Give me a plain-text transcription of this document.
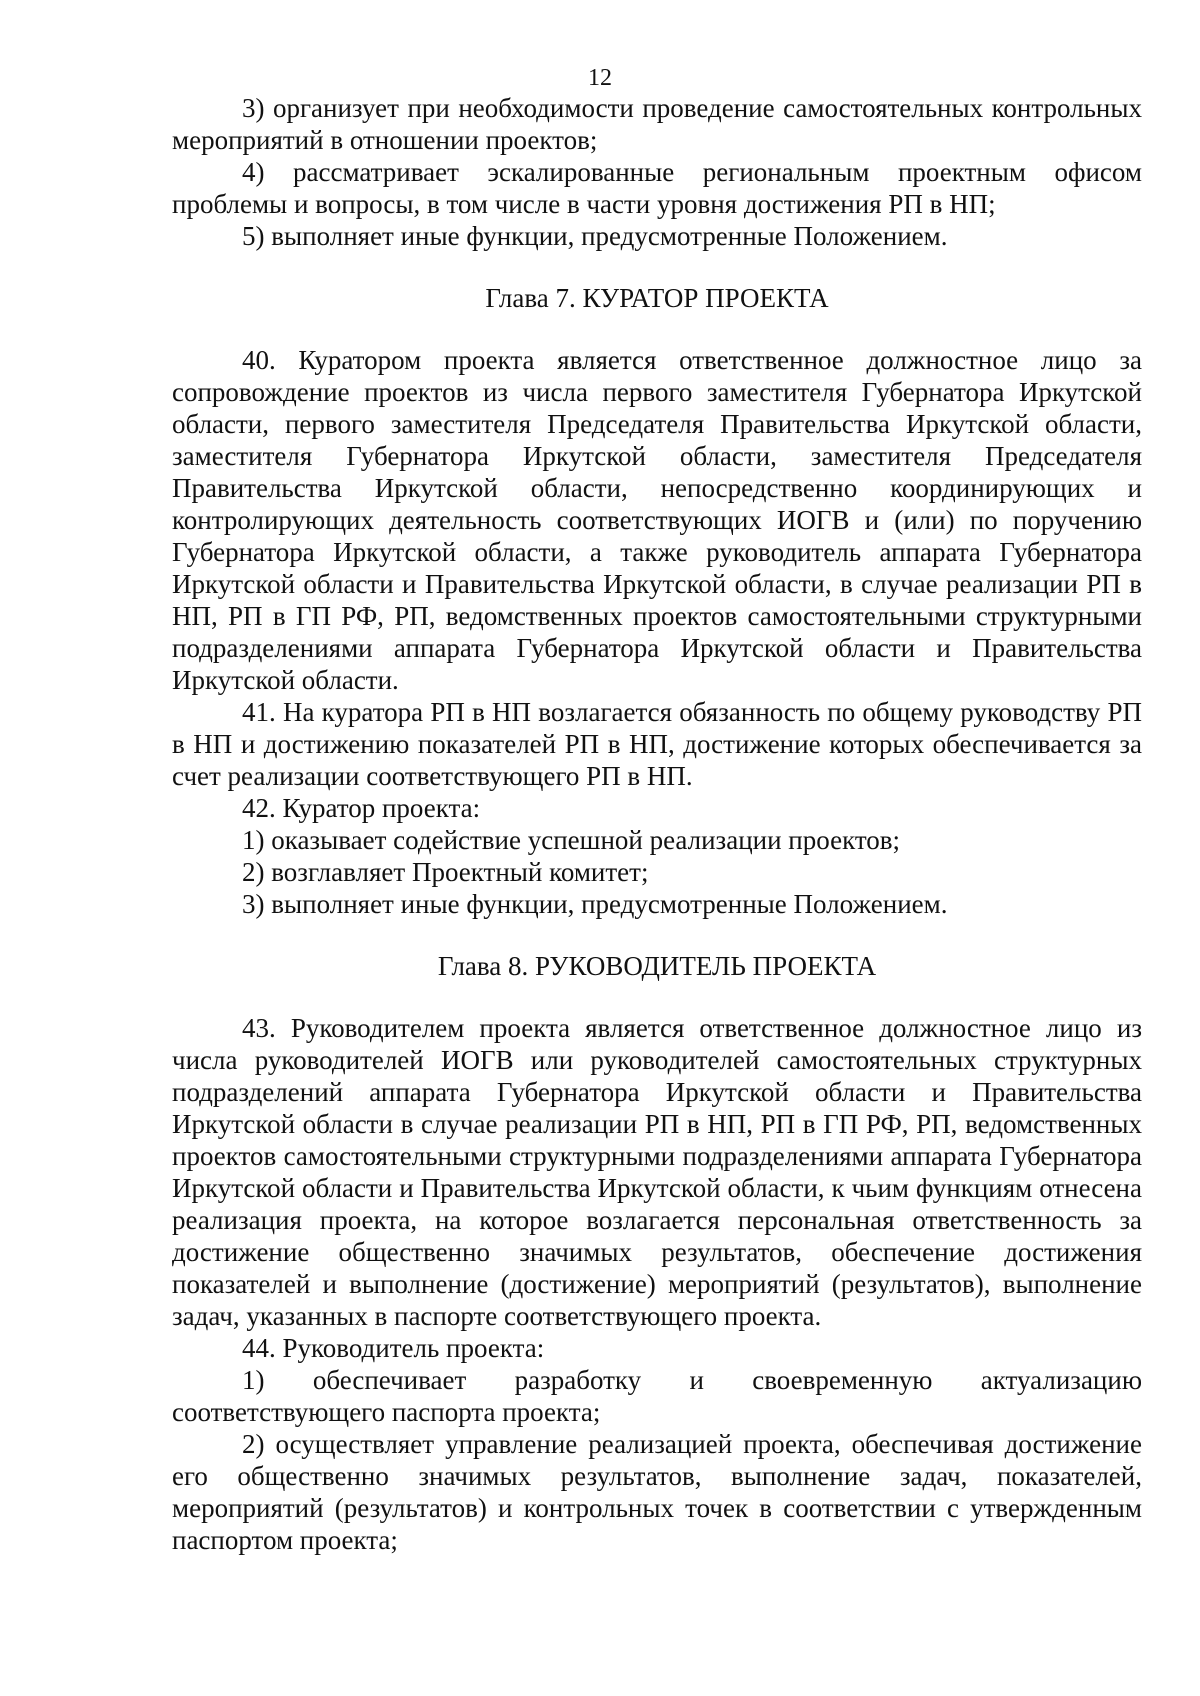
12

3) организует при необходимости проведение самостоятельных контрольных мероприятий в отношении проектов;

4) рассматривает эскалированные региональным проектным офисом проблемы и вопросы, в том числе в части уровня достижения РП в НП;

5) выполняет иные функции, предусмотренные Положением.

Глава 7. КУРАТОР ПРОЕКТА

40. Куратором проекта является ответственное должностное лицо за сопровождение проектов из числа первого заместителя Губернатора Иркутской области, первого заместителя Председателя Правительства Иркутской области, заместителя Губернатора Иркутской области, заместителя Председателя Правительства Иркутской области, непосредственно координирующих и контролирующих деятельность соответствующих ИОГВ и (или) по поручению Губернатора Иркутской области, а также руководитель аппарата Губернатора Иркутской области и Правительства Иркутской области, в случае реализации РП в НП, РП в ГП РФ, РП, ведомственных проектов самостоятельными структурными подразделениями аппарата Губернатора Иркутской области и Правительства Иркутской области.

41. На куратора РП в НП возлагается обязанность по общему руководству РП в НП и достижению показателей РП в НП, достижение которых обеспечивается за счет реализации соответствующего РП в НП.

42. Куратор проекта:

1) оказывает содействие успешной реализации проектов;

2) возглавляет Проектный комитет;

3) выполняет иные функции, предусмотренные Положением.

Глава 8. РУКОВОДИТЕЛЬ ПРОЕКТА

43. Руководителем проекта является ответственное должностное лицо из числа руководителей ИОГВ или руководителей самостоятельных структурных подразделений аппарата Губернатора Иркутской области и Правительства Иркутской области в случае реализации РП в НП, РП в ГП РФ, РП, ведомственных проектов самостоятельными структурными подразделениями аппарата Губернатора Иркутской области и Правительства Иркутской области, к чьим функциям отнесена реализация проекта, на которое возлагается персональная ответственность за достижение общественно значимых результатов, обеспечение достижения показателей и выполнение (достижение) мероприятий (результатов), выполнение задач, указанных в паспорте соответствующего проекта.

44. Руководитель проекта:

1) обеспечивает разработку и своевременную актуализацию соответствующего паспорта проекта;

2) осуществляет управление реализацией проекта, обеспечивая достижение его общественно значимых результатов, выполнение задач, показателей, мероприятий (результатов) и контрольных точек в соответствии с утвержденным паспортом проекта;
